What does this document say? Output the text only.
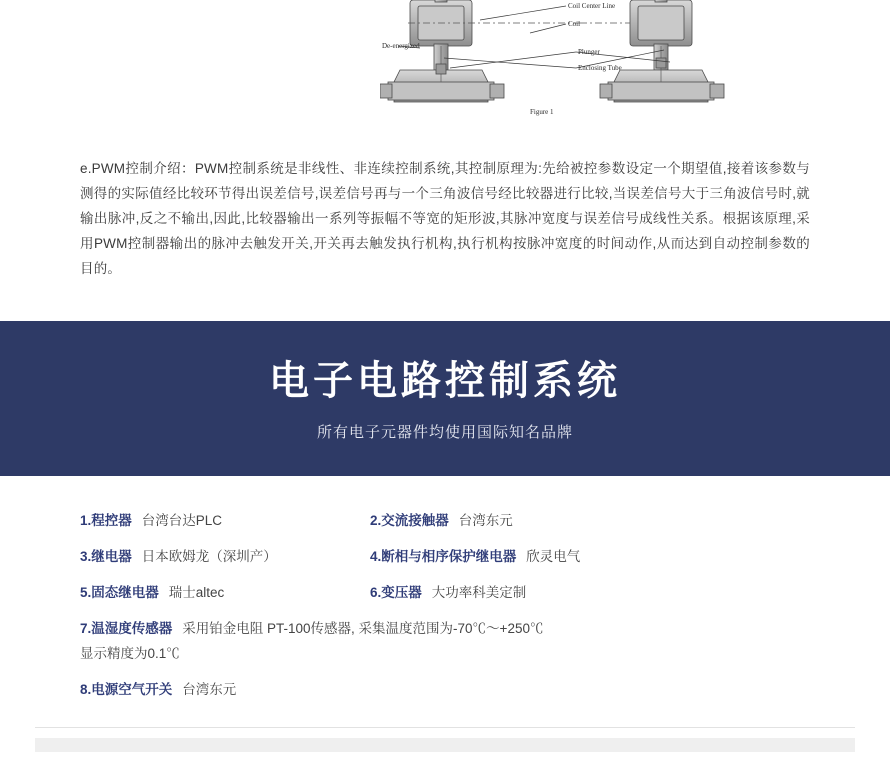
Coil Center Line
Coil
Plunger
Enclosing Tube
De-energized
Figure 1

e.PWM控制介绍：PWM控制系统是非线性、非连续控制系统,其控制原理为:先给被控参数设定一个期望值,接着该参数与测得的实际值经比较环节得出误差信号,误差信号再与一个三角波信号经比较器进行比较,当误差信号大于三角波信号时,就输出脉冲,反之不输出,因此,比较器输出一系列等振幅不等宽的矩形波,其脉冲宽度与误差信号成线性关系。根据该原理,采用PWM控制器输出的脉冲去触发开关,开关再去触发执行机构,执行机构按脉冲宽度的时间动作,从而达到自动控制参数的目的。

电子电路控制系统
所有电子元器件均使用国际知名品牌
1.程控器 台湾台达PLC	2.交流接触器 台湾东元
3.继电器 日本欧姆龙（深圳产）	4.断相与相序保护继电器 欣灵电气
5.固态继电器 瑞士altec	6.变压器 大功率科美定制
7.温湿度传感器 采用铂金电阻 PT-100传感器, 采集温度范围为-70℃～+250℃
显示精度为0.1℃
8.电源空气开关 台湾东元
